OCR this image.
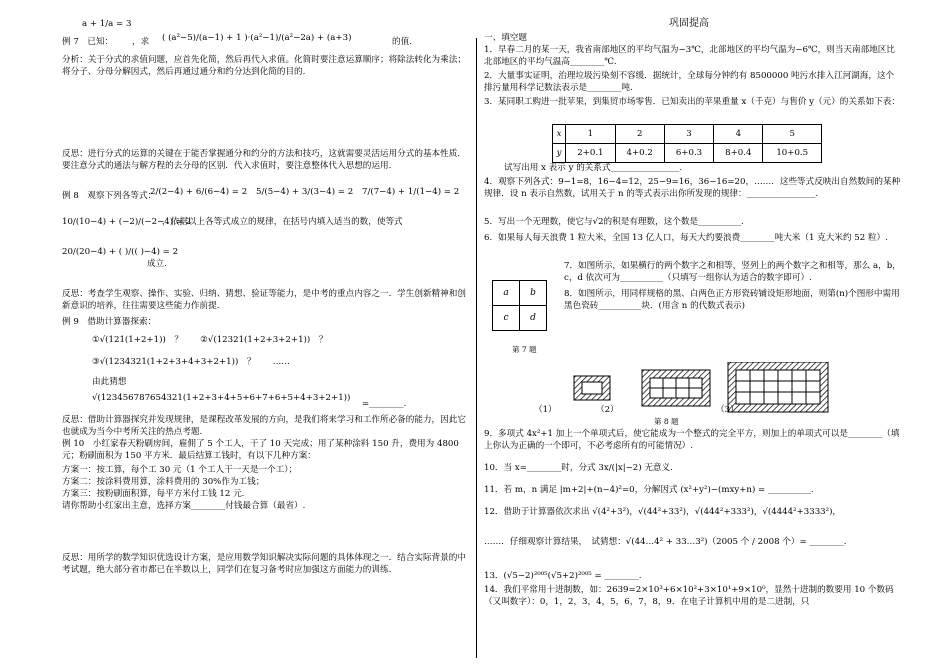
a + 1/a = 3
例 7　已知： ，求 ( (a²−5)/(a−1) + 1 )·(a²−1)/(a²−2a) + (a+3)	的值.
分析：关于分式的求值问题，应首先化简，然后再代入求值。化简时要注意运算顺序；将除法转化为乘法；将分子、分母分解因式，然后再通过通分和约分达到化简的目的.
反思：进行分式的运算的关键在于能否掌握通分和约分的方法和技巧，这就需要灵活运用分式的基本性质．要注意分式的通法与解方程的去分母的区别．代入求值时，要注意整体代入思想的运用.
例 8　观察下列各等式：
2/(2−4) + 6/(6−4) = 2 5/(5−4) + 3/(3−4) = 2 7/(7−4) + 1/(1−4) = 2
10/(10−4) + (−2)/(−2−4) = 2
，依据以上各等式成立的规律，在括号内填入适当的数，使等式
20/(20−4) + ( )/(( )−4) = 2
成立.
反思：考查学生观察、操作、实验、归纳、猜想、验证等能力，是中考的重点内容之一．学生创新精神和创新意识的培养，往往需要这些能力作前提.
例 9　借助计算器探索：
①√(121(1+2+1))　？　　②√(12321(1+2+3+2+1))　？
③√(1234321(1+2+3+4+3+2+1))　？　　……
由此猜想
√(123456787654321(1+2+3+4+5+6+7+6+5+4+3+2+1))
=________.
反思：借助计算器探究并发现规律，是课程改革发展的方向，是我们将来学习和工作所必备的能力，因此它也就成为当今中考所关注的热点考题.
例 10　小红家春天粉刷房间，雇佣了 5 个工人，干了 10 天完成；用了某种涂料 150 升，费用为 4800 元；粉刷面积为 150 平方米．最后结算工钱时，有以下几种方案：
方案一：按工算，每个工 30 元（1 个工人干一天是一个工）；
方案二：按涂料费用算，涂料费用的 30%作为工钱；
方案三：按粉刷面积算，每平方米付工钱 12 元.
请你帮助小红家出主意，选择方案________付钱最合算（最省）.
反思：用所学的数学知识优选设计方案，是应用数学知识解决实际问题的具体体现之一．结合实际背景的中考试题，绝大部分省市都已在半数以上，同学们在复习备考时应加强这方面能力的训练.
巩固提高
一、填空题
1．早春二月的某一天，我省南部地区的平均气温为−3℃，北部地区的平均气温为−6℃，则当天南部地区比北部地区的平均气温高________℃.
2．大量事实证明，治理垃圾污染刻不容缓．据统计，全球每分钟约有 8500000 吨污水排入江河湖海，这个排污量用科学记数法表示是________吨.
3．某同职工购进一批苹果，到集贸市场零售．已知卖出的苹果重量 x（千克）与售价 y（元）的关系如下表：
x	1	2	3	4	5
y	2+0.1	4+0.2	6+0.3	8+0.4	10+0.5
试写出用 x 表示 y 的关系式________________.
4．观察下列各式：9−1=8，16−4=12，25−9=16，36−16=20，……．这些等式反映出自然数间的某种规律．设 n 表示自然数，试用关于 n 的等式表示出你所发现的规律：________________.
5．写出一个无理数，使它与√2的积是有理数，这个数是__________.
6．如果每人每天浪费 1 粒大米，全国 13 亿人口，每天大约要浪费________吨大米（1 克大米约 52 粒）.
a	b
c	d
7．如图所示，如果横行的两个数字之和相等，竖列上的两个数字之和相等，那么 a，b，c，d 依次可为__________（只填写一组你认为适合的数字即可）.
8．如图所示，用同样规格的黑、白两色正方形瓷砖铺设矩形地面，则第(n)个图形中需用黑色瓷砖__________块．(用含 n 的代数式表示)
第 7 题
（1）	（2）	（3）
第 8 题
9．多项式 4x²+1 加上一个单项式后，使它能成为一个整式的完全平方，则加上的单项式可以是________（填上你认为正确的一个即可，不必考虑所有的可能情况）.
10．当 x=________时，分式 3x/(|x|−2) 无意义.
11．若 m，n 满足 |m+2|+(n−4)²=0，分解因式 (x²+y²)−(mxy+n) = __________.
12．借助于计算器依次求出 √(4²+3²)，√(44²+33²)，√(444²+333²)，√(4444²+3333²)，
……．仔细观察计算结果，　试猜想：√(44…4² + 33…3²)（2005 个 / 2008 个）= ________.
13．(√5−2)²⁰⁰⁵(√5+2)²⁰⁰⁵ = ________.
14．我们平常用十进制数，如：2639=2×10³+6×10²+3×10¹+9×10⁰，显然十进制的数要用 10 个数码（又叫数字）：0，1，2，3，4，5，6，7，8，9．在电子计算机中用的是二进制，只
